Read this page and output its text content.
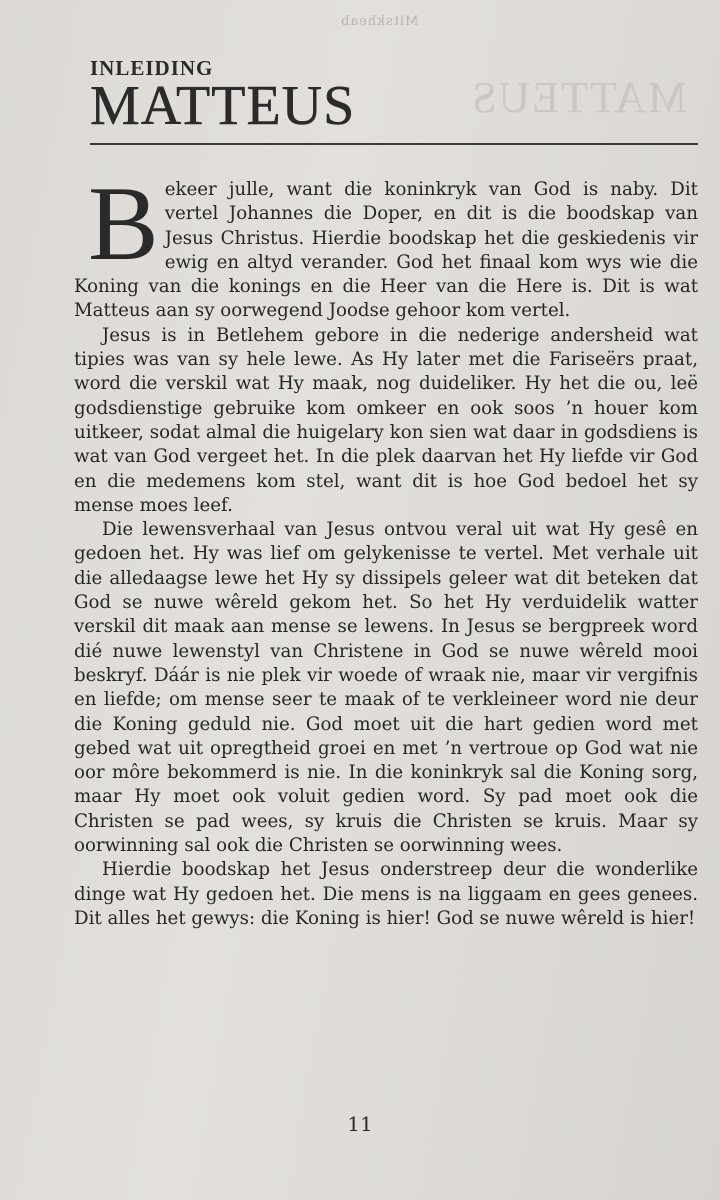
Mitskheab
MATTEUS
INLEIDING
MATTEUS

Bekeer julle, want die koninkryk van God is naby. Dit vertel Johannes die Doper, en dit is die boodskap van Jesus Christus. Hierdie boodskap het die geskiedenis vir ewig en altyd verander. God het finaal kom wys wie die Koning van die konings en die Heer van die Here is. Dit is wat Matteus aan sy oorwegend Joodse gehoor kom vertel.

Jesus is in Betlehem gebore in die nederige andersheid wat tipies was van sy hele lewe. As Hy later met die Fariseërs praat, word die verskil wat Hy maak, nog duideliker. Hy het die ou, leë godsdienstige gebruike kom omkeer en ook soos ’n houer kom uitkeer, sodat almal die huigelary kon sien wat daar in godsdiens is wat van God vergeet het. In die plek daarvan het Hy liefde vir God en die medemens kom stel, want dit is hoe God bedoel het sy mense moes leef.

Die lewensverhaal van Jesus ontvou veral uit wat Hy gesê en gedoen het. Hy was lief om gelykenisse te vertel. Met verhale uit die alledaagse lewe het Hy sy dissipels geleer wat dit beteken dat God se nuwe wêreld gekom het. So het Hy verduidelik watter verskil dit maak aan mense se lewens. In Jesus se bergpreek word dié nuwe lewenstyl van Christene in God se nuwe wêreld mooi beskryf. Dáár is nie plek vir woede of wraak nie, maar vir vergifnis en liefde; om mense seer te maak of te verkleineer word nie deur die Koning geduld nie. God moet uit die hart gedien word met gebed wat uit opregtheid groei en met ’n vertroue op God wat nie oor môre bekommerd is nie. In die koninkryk sal die Koning sorg, maar Hy moet ook voluit gedien word. Sy pad moet ook die Christen se pad wees, sy kruis die Christen se kruis. Maar sy oorwinning sal ook die Christen se oorwinning wees.

Hierdie boodskap het Jesus onderstreep deur die wonderlike dinge wat Hy gedoen het. Die mens is na liggaam en gees genees. Dit alles het gewys: die Koning is hier! God se nuwe wêreld is hier!

11
